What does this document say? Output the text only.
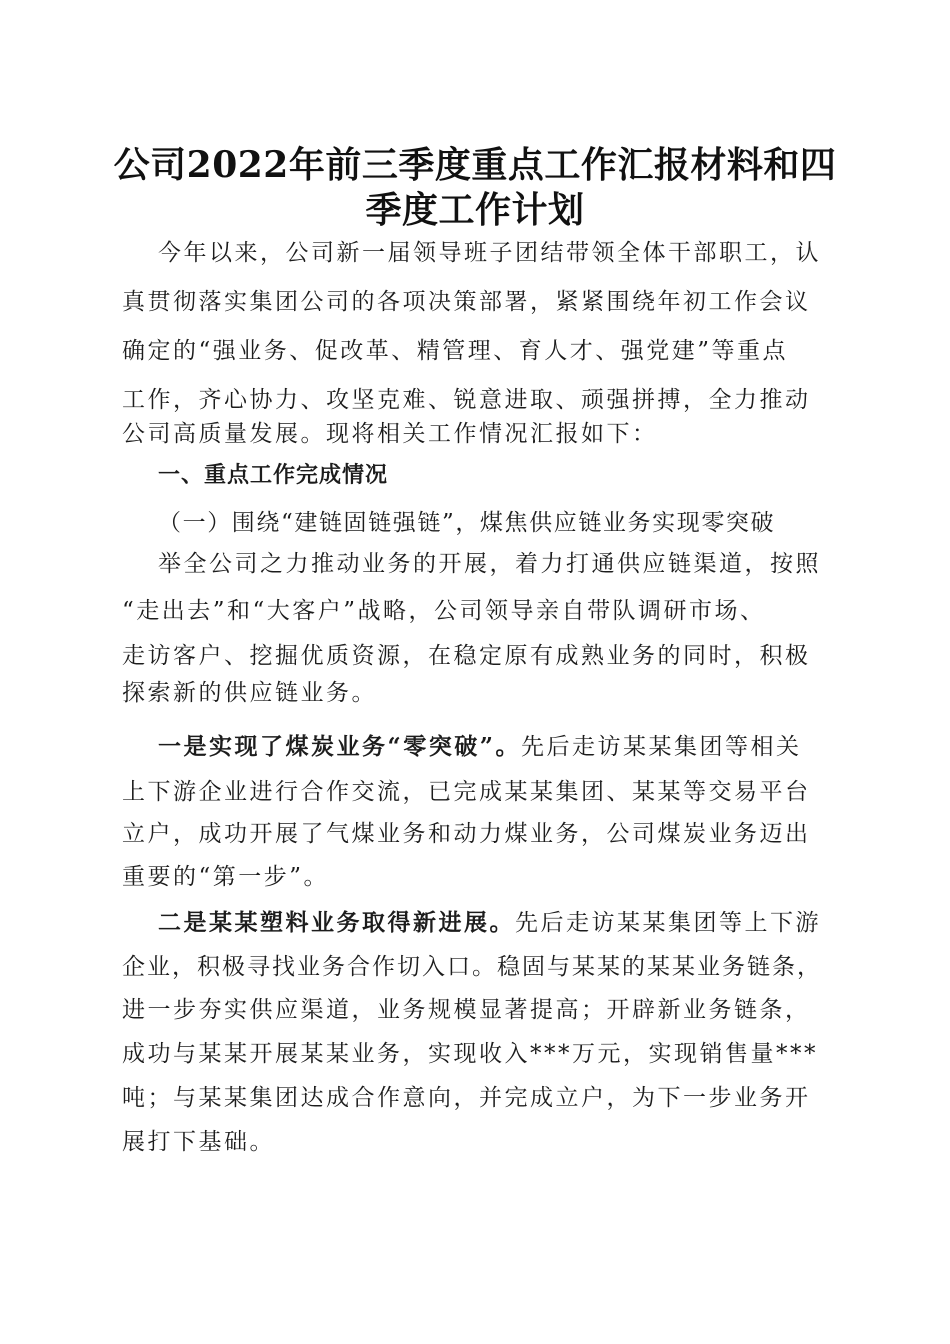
公司2022年前三季度重点工作汇报材料和四
季度工作计划

今年以来，公司新一届领导班子团结带领全体干部职工，认

真贯彻落实集团公司的各项决策部署，紧紧围绕年初工作会议

确定的“强业务、促改革、精管理、育人才、强党建”等重点

工作，齐心协力、攻坚克难、锐意进取、顽强拼搏，全力推动

公司高质量发展。现将相关工作情况汇报如下：

一、重点工作完成情况

（一）围绕“建链固链强链”，煤焦供应链业务实现零突破

举全公司之力推动业务的开展，着力打通供应链渠道，按照

“走出去”和“大客户”战略，公司领导亲自带队调研市场、

走访客户、挖掘优质资源，在稳定原有成熟业务的同时，积极

探索新的供应链业务。

一是实现了煤炭业务“零突破”。先后走访某某集团等相关

上下游企业进行合作交流，已完成某某集团、某某等交易平台

立户，成功开展了气煤业务和动力煤业务，公司煤炭业务迈出

重要的“第一步”。

二是某某塑料业务取得新进展。先后走访某某集团等上下游

企业，积极寻找业务合作切入口。稳固与某某的某某业务链条，

进一步夯实供应渠道，业务规模显著提高；开辟新业务链条，

成功与某某开展某某业务，实现收入***万元，实现销售量***

吨；与某某集团达成合作意向，并完成立户，为下一步业务开

展打下基础。
